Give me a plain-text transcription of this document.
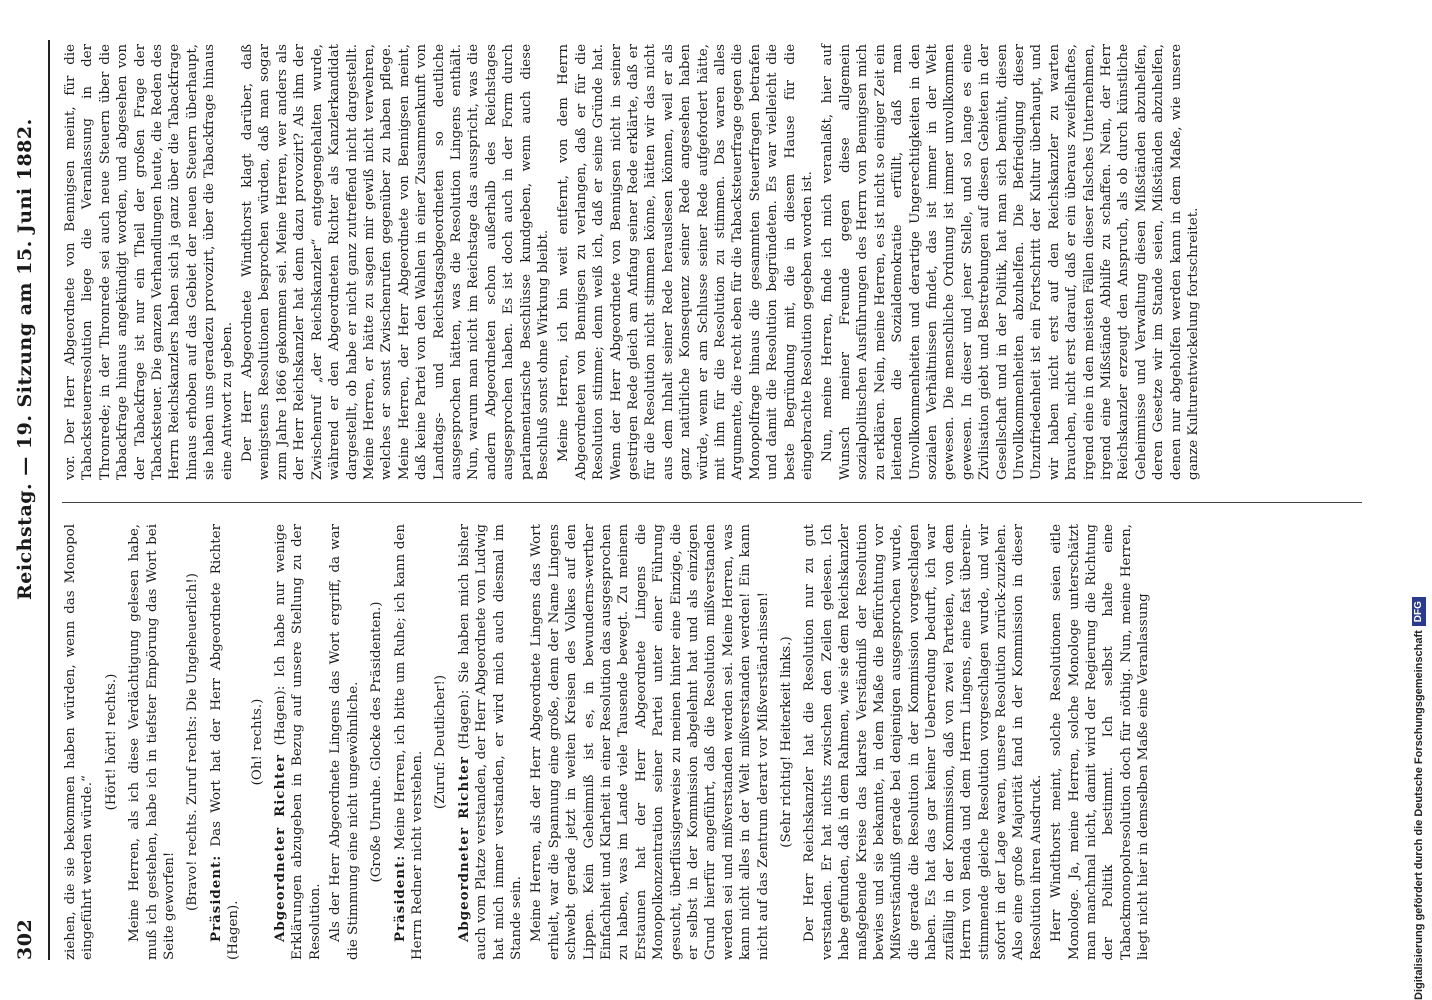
302
Reichstag. — 19. Sitzung am 15. Juni 1882.

ziehen, die sie bekommen haben würden, wenn das Monopol eingeführt werden würde.“

(Hört! hört! rechts.) Meine Herren, als ich diese Verdächtigung gelesen habe, muß ich gestehen, habe ich in tiefster Empörung das Wort bei Seite geworfen! (Bravo! rechts. Zuruf rechts: Die Ungeheuerlich!) Präsident: Das Wort hat der Herr Abgeordnete Richter (Hagen).

(Oh! rechts.)

Abgeordneter Richter (Hagen): Ich habe nur wenige Erklärungen abzugeben in Bezug auf unsere Stellung zu der Resolution. Als der Herr Abgeordnete Lingens das Wort ergriff, da war die Stimmung eine nicht ungewöhnliche. (Große Unruhe. Glocke des Präsidenten.)

Präsident: Meine Herren, ich bitte um Ruhe; ich kann den Herrn Redner nicht verstehen.

(Zuruf: Deutlicher!)

Abgeordneter Richter (Hagen): Sie haben mich bisher auch vom Platze verstanden, der Herr Abgeordnete von Ludwig hat mich immer verstanden, er wird mich auch diesmal im Stande sein. Meine Herren, als der Herr Abgeordnete Lingens das Wort erhielt, war die Spannung eine große, denn der Name Lingens schwebt gerade jetzt in weiten Kreisen des Volkes auf den Lippen. Kein Geheimniß ist es, in bewunderns-werther Einfachheit und Klarheit in einer Resolution das ausgesprochen zu haben, was im Lande viele Tausende bewegt. Zu meinem Erstaunen hat der Herr Abgeordnete Lingens die Monopolkonzentration seiner Partei unter einer Führung gesucht, überflüssigerweise zu meinen hinter eine Einzige, die er selbst in der Kommission abgelehnt hat und als einzigen Grund hierfür angeführt, daß die Resolution mißverstanden werden sei und mißverstanden werden sei. Meine Herren, was kann nicht alles in der Welt mißverstanden werden! Ein kann nicht auf das Zentrum derart vor Mißverständ-nissen! (Sehr richtig! Heiterkeit links.) Der Herr Reichskanzler hat die Resolution nur zu gut verstanden. Er hat nichts zwischen den Zeilen gelesen. Ich habe gefunden, daß in dem Rahmen, wie sie dem Reichskanzler maßgebende Kreise das klarste Verständniß der Resolution bewies und sie bekannte, in dem Maße die Befürchtung vor Mißverständniß gerade bei denjenigen ausgesprochen wurde, die gerade die Resolution in der Kommission vorgeschlagen haben. Es hat das gar keiner Ueberredung bedurft, ich war zufällig in der Kommission, daß von zwei Parteien, von dem Herrn von Benda und dem Herrn Lingens, eine fast überein-stimmende gleiche Resolution vorgeschlagen wurde, und wir sofort in der Lage waren, unsere Resolution zurück-zuziehen. Also eine große Majorität fand in der Kommission in dieser Resolution ihren Ausdruck. Herr Windthorst meint, solche Resolutionen seien eitle Monologe. Ja, meine Herren, solche Monologe unterschätzt man manchmal nicht, damit wird der Regierung die Richtung der Politik bestimmt. Ich selbst halte eine Tabackmonopolresolution doch für nöthig. Nun, meine Herren, liegt nicht hier in demselben Maße eine Veranlassung

vor. Der Herr Abgeordnete von Bennigsen meint, für die Tabacksteuerresolution liege die Veranlassung in der Thronrede; in der Thronrede sei auch neue Steuern über die Tabackfrage hinaus angekündigt worden, und abgesehen von der Tabackfrage ist nur ein Theil der großen Frage der Tabacksteuer. Die ganzen Verhandlungen heute, die Reden des Herrn Reichskanzlers haben sich ja ganz über die Tabackfrage hinaus erhoben auf das Gebiet der neuen Steuern überhaupt, sie haben uns geradezu provozirt, über die Tabackfrage hinaus eine Antwort zu geben. Der Herr Abgeordnete Windthorst klagt darüber, daß wenigstens Resolutionen besprochen würden, daß man sogar zum Jahre 1866 gekommen sei. Meine Herren, wer anders als der Herr Reichskanzler hat denn dazu provozirt? Als ihm der Zwischenruf „der Reichskanzler“ entgegengehalten wurde, während er den Abgeordneten Richter als Kanzlerkandidat dargestellt, ob habe er nicht ganz zutreffend nicht dargestellt. Meine Herren, er hätte zu sagen mir gewiß nicht verwehren, welches er sonst Zwischenrufen gegenüber zu haben pflege. Meine Herren, der Herr Abgeordnete von Bennigsen meint, daß keine Partei von den Wahlen in einer Zusammenkunft von Landtags- und Reichstagsabgeordneten so deutliche ausgesprochen hätten, was die Resolution Lingens enthält. Nun, warum man nicht im Reichstage das ausspricht, was die andern Abgeordneten schon außerhalb des Reichstages ausgesprochen haben. Es ist doch auch in der Form durch parlamentarische Beschlüsse kundgeben, wenn auch diese Beschluß sonst ohne Wirkung bleibt. Meine Herren, ich bin weit entfernt, von dem Herrn Abgeordneten von Bennigsen zu verlangen, daß er für die Resolution stimme; denn weiß ich, daß er seine Gründe hat. Wenn der Herr Abgeordnete von Bennigsen nicht in seiner gestrigen Rede gleich am Anfang seiner Rede erklärte, daß er für die Resolution nicht stimmen könne, hätten wir das nicht aus dem Inhalt seiner Rede herauslesen können, weil er als ganz natürliche Konsequenz seiner Rede angesehen haben würde, wenn er am Schlusse seiner Rede aufgefordert hätte, mit ihm für die Resolution zu stimmen. Das waren alles Argumente, die recht eben für die Tabacksteuerfrage gegen die Monopolfrage hinaus die gesammten Steuerfragen betrafen und damit die Resolution begründeten. Es war vielleicht die beste Begründung mit, die in diesem Hause für die eingebrachte Resolution gegeben worden ist. Nun, meine Herren, finde ich mich veranlaßt, hier auf Wunsch meiner Freunde gegen diese allgemein sozialpolitischen Ausführungen des Herrn von Bennigsen mich zu erklären. Nein, meine Herren, es ist nicht so einiger Zeit ein leitenden die Sozialdemokratie erfüllt, daß man Unvollkommenheiten und derartige Ungerechtigkeiten in den sozialen Verhältnissen findet, das ist immer in der Welt gewesen. Die menschliche Ordnung ist immer unvollkommen gewesen. In dieser und jener Stelle, und so lange es eine Zivilisation giebt und Bestrebungen auf diesen Gebieten in der Gesellschaft und in der Politik, hat man sich bemüht, diesen Unvollkommenheiten abzuhelfen. Die Befriedigung dieser Unzufriedenheit ist ein Fortschritt der Kultur überhaupt, und wir haben nicht erst auf den Reichskanzler zu warten brauchen, nicht erst darauf, daß er ein überaus zweifelhaftes, irgend eine in den meisten Fällen dieser falsches Unternehmen, irgend eine Mißstände Abhilfe zu schaffen. Nein, der Herr Reichskanzler erzeugt den Anspruch, als ob durch künstliche Geheimnisse und Verwaltung diesen Mißständen abzuhelfen, deren Gesetze wir im Stande seien, Mißständen abzuhelfen, denen nur abgeholfen werden kann in dem Maße, wie unsere ganze Kulturentwickelung fortschreitet.

Digitalisierung gefördert durch die Deutsche ForschungsgemeinschaftDFG
